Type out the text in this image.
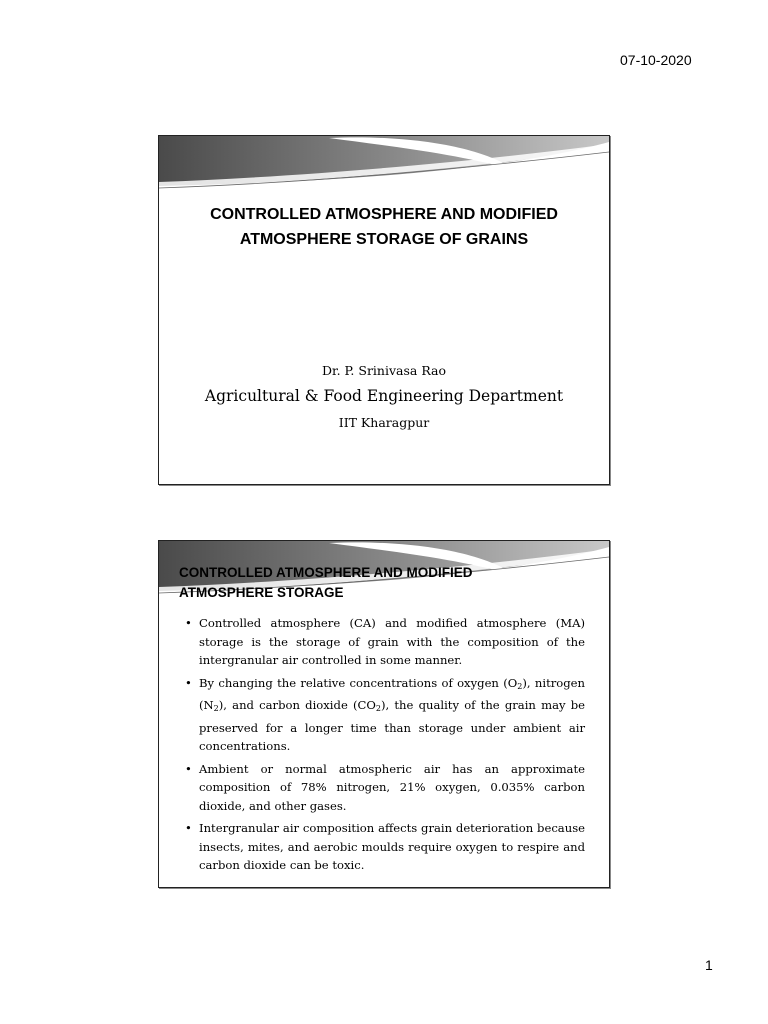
07-10-2020
CONTROLLED ATMOSPHERE AND MODIFIED
ATMOSPHERE STORAGE OF GRAINS
Dr. P. Srinivasa Rao
Agricultural & Food Engineering Department
IIT Kharagpur
CONTROLLED ATMOSPHERE AND MODIFIED
ATMOSPHERE STORAGE
• Controlled atmosphere (CA) and modified atmosphere (MA) storage is the storage of grain with the composition of the intergranular air controlled in some manner.
• By changing the relative concentrations of oxygen $(O_2)$, nitrogen $(N_2)$, and carbon dioxide $(CO_2)$, the quality of the grain may be preserved for a longer time than storage under ambient air concentrations.
• Ambient or normal atmospheric air has an approximate composition of 78% nitrogen, 21% oxygen, 0.035% carbon dioxide, and other gases.
• Intergranular air composition affects grain deterioration because insects, mites, and aerobic moulds require oxygen to respire and carbon dioxide can be toxic.
1
